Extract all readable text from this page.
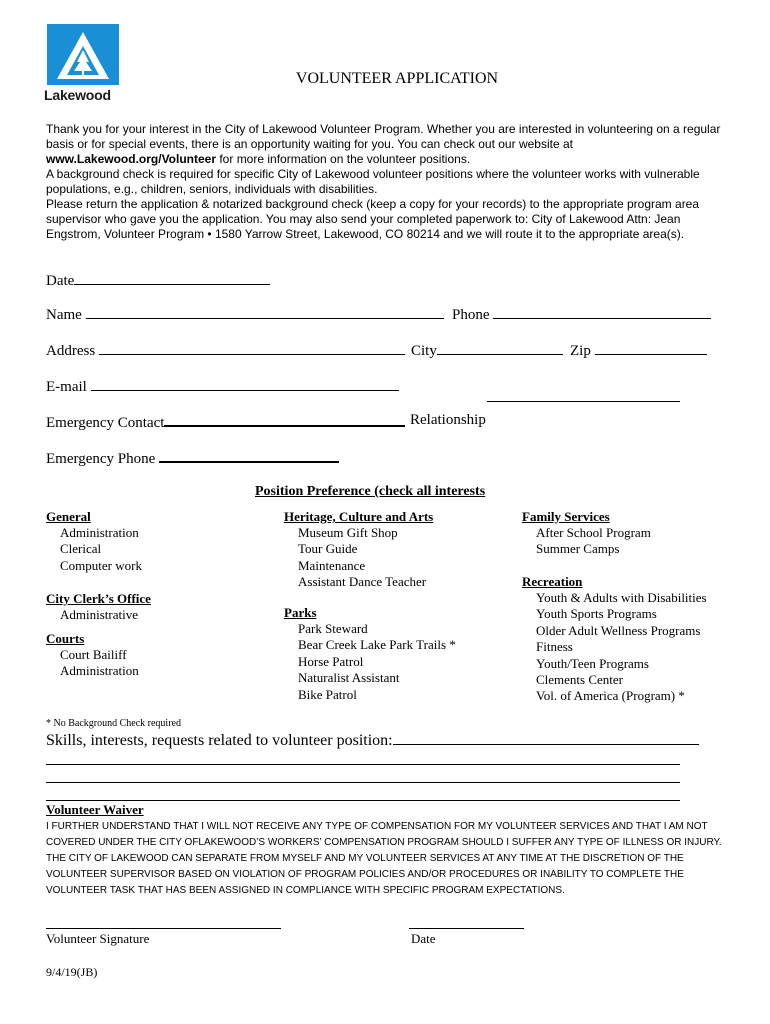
Lakewood
VOLUNTEER APPLICATION

Thank you for your interest in the City of Lakewood Volunteer Program. Whether you are interested in volunteering on a regular basis or for special events, there is an opportunity waiting for you. You can check out our website at www.Lakewood.org/Volunteer for more information on the volunteer positions.

A background check is required for specific City of Lakewood volunteer positions where the volunteer works with vulnerable populations, e.g., children, seniors, individuals with disabilities.

Please return the application & notarized background check (keep a copy for your records) to the appropriate program area supervisor who gave you the application. You may also send your completed paperwork to: City of Lakewood Attn: Jean Engstrom, Volunteer Program • 1580 Yarrow Street, Lakewood, CO 80214 and we will route it to the appropriate area(s).

Date
Name	Phone
Address	City	Zip
E-mail
Emergency Contact	Relationship
Emergency Phone
Position Preference (check all interests
General
Administration
Clerical
Computer work
City Clerk’s Office
Administrative
Courts
Court Bailiff
Administration
Heritage, Culture and Arts
Museum Gift Shop
Tour Guide
Maintenance
Assistant Dance Teacher
Parks
Park Steward
Bear Creek Lake Park Trails *
Horse Patrol
Naturalist Assistant
Bike Patrol
Family Services
After School Program
Summer Camps
Recreation
Youth & Adults with Disabilities
Youth Sports Programs
Older Adult Wellness Programs
Fitness
Youth/Teen Programs
Clements Center
Vol. of America (Program) *
* No Background Check required
Skills, interests, requests related to volunteer position:
Volunteer Waiver
I FURTHER UNDERSTAND THAT I WILL NOT RECEIVE ANY TYPE OF COMPENSATION FOR MY VOLUNTEER SERVICES AND THAT I AM NOT COVERED UNDER THE CITY OFLAKEWOOD’S WORKERS’ COMPENSATION PROGRAM SHOULD I SUFFER ANY TYPE OF ILLNESS OR INJURY. THE CITY OF LAKEWOOD CAN SEPARATE FROM MYSELF AND MY VOLUNTEER SERVICES AT ANY TIME AT THE DISCRETION OF THE VOLUNTEER SUPERVISOR BASED ON VIOLATION OF PROGRAM POLICIES AND/OR PROCEDURES OR INABILITY TO COMPLETE THE VOLUNTEER TASK THAT HAS BEEN ASSIGNED IN COMPLIANCE WITH SPECIFIC PROGRAM EXPECTATIONS.
Volunteer Signature	Date
9/4/19(JB)
